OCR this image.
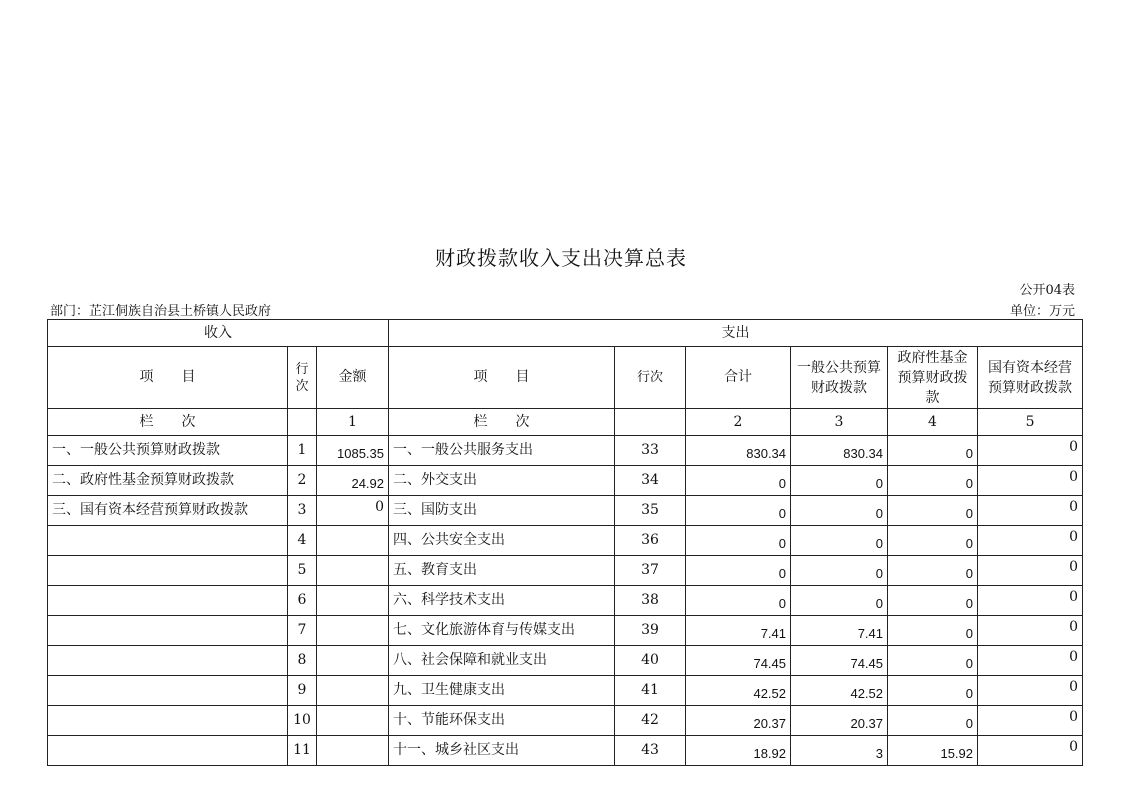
财政拨款收入支出决算总表
公开04表
部门：芷江侗族自治县土桥镇人民政府	单位：万元
收入			支出					
项　　目	行次	金额	项　　目	行次	合计	一般公共预算财政拨款	政府性基金预算财政拨款	国有资本经营预算财政拨款
栏　　次		1	栏　　次		2	3	4	5
一、一般公共预算财政拨款	1	1085.35	一、一般公共服务支出	33	830.34	830.34	0	0
二、政府性基金预算财政拨款	2	24.92	二、外交支出	34	0	0	0	0
三、国有资本经营预算财政拨款	3	0	三、国防支出	35	0	0	0	0
	4		四、公共安全支出	36	0	0	0	0
	5		五、教育支出	37	0	0	0	0
	6		六、科学技术支出	38	0	0	0	0
	7		七、文化旅游体育与传媒支出	39	7.41	7.41	0	0
	8		八、社会保障和就业支出	40	74.45	74.45	0	0
	9		九、卫生健康支出	41	42.52	42.52	0	0
	10		十、节能环保支出	42	20.37	20.37	0	0
	11		十一、城乡社区支出	43	18.92	3	15.92	0
